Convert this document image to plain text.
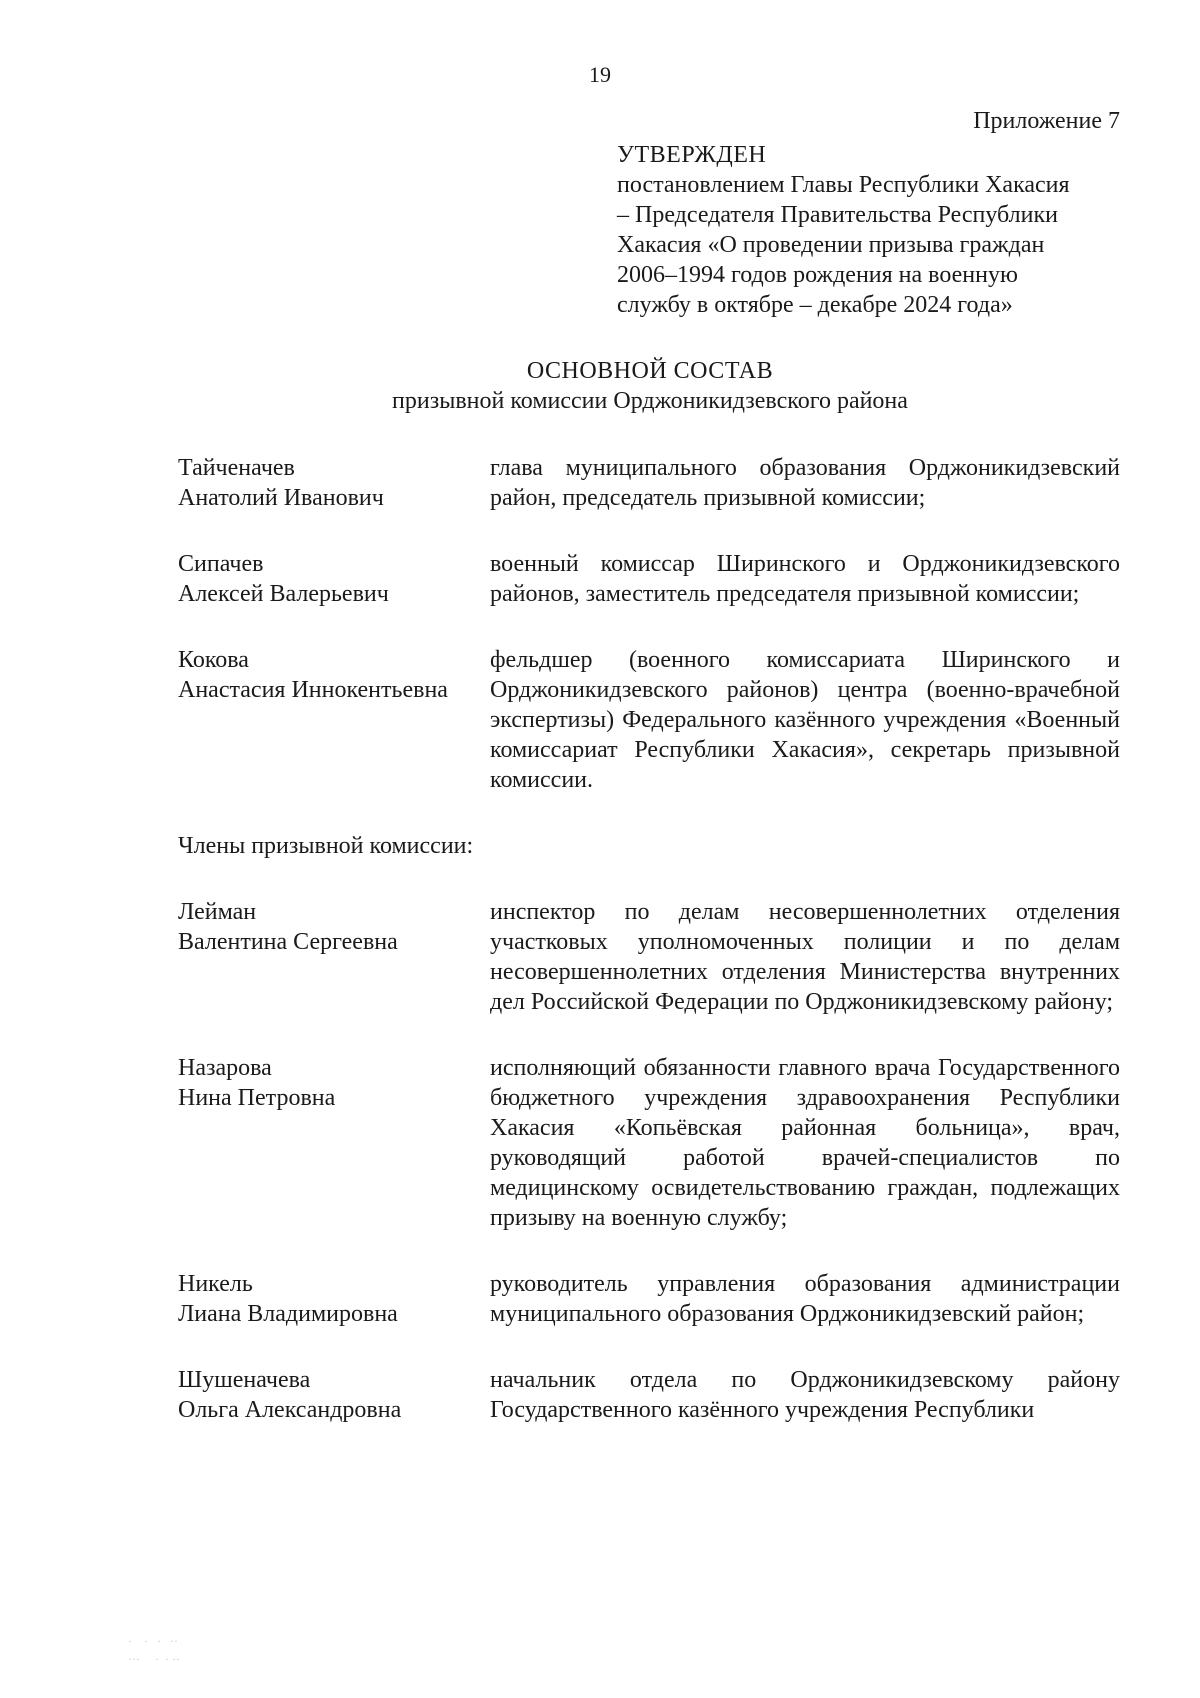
19
Приложение 7
УТВЕРЖДЕН
постановлением Главы Республики Хакасия
– Председателя Правительства Республики
Хакасия «О проведении призыва граждан
2006–1994 годов рождения на военную
службу в октябре – декабре 2024 года»
ОСНОВНОЙ СОСТАВ
призывной комиссии Орджоникидзевского района
Тайченачев
Анатолий Иванович
глава муниципального образования Орджоникидзевский район, председатель призывной комиссии;
Сипачев
Алексей Валерьевич
военный комиссар Ширинского и Орджоникидзевского районов, заместитель председателя призывной комиссии;
Кокова
Анастасия Иннокентьевна
фельдшер (военного комиссариата Ширинского и Орджоникидзевского районов) центра (военно-врачебной экспертизы) Федерального казённого учреждения «Военный комиссариат Республики Хакасия», секретарь призывной комиссии.
Члены призывной комиссии:
Лейман
Валентина Сергеевна
инспектор по делам несовершеннолетних отделения участковых уполномоченных полиции и по делам несовершеннолетних отделения Министерства внутренних дел Российской Федерации по Орджоникидзевскому району;
Назарова
Нина Петровна
исполняющий обязанности главного врача Государственного бюджетного учреждения здравоохранения Республики Хакасия «Копьёвская районная больница», врач, руководящий работой врачей-специалистов по медицинскому освидетельствованию граждан, подлежащих призыву на военную службу;
Никель
Лиана Владимировна
руководитель управления образования администрации муниципального образования Орджоникидзевский район;
Шушеначева
Ольга Александровна
начальник отдела по Орджоникидзевскому району Государственного казённого учреждения Республики
·    ·   ·   ··
···     ·  · ··
